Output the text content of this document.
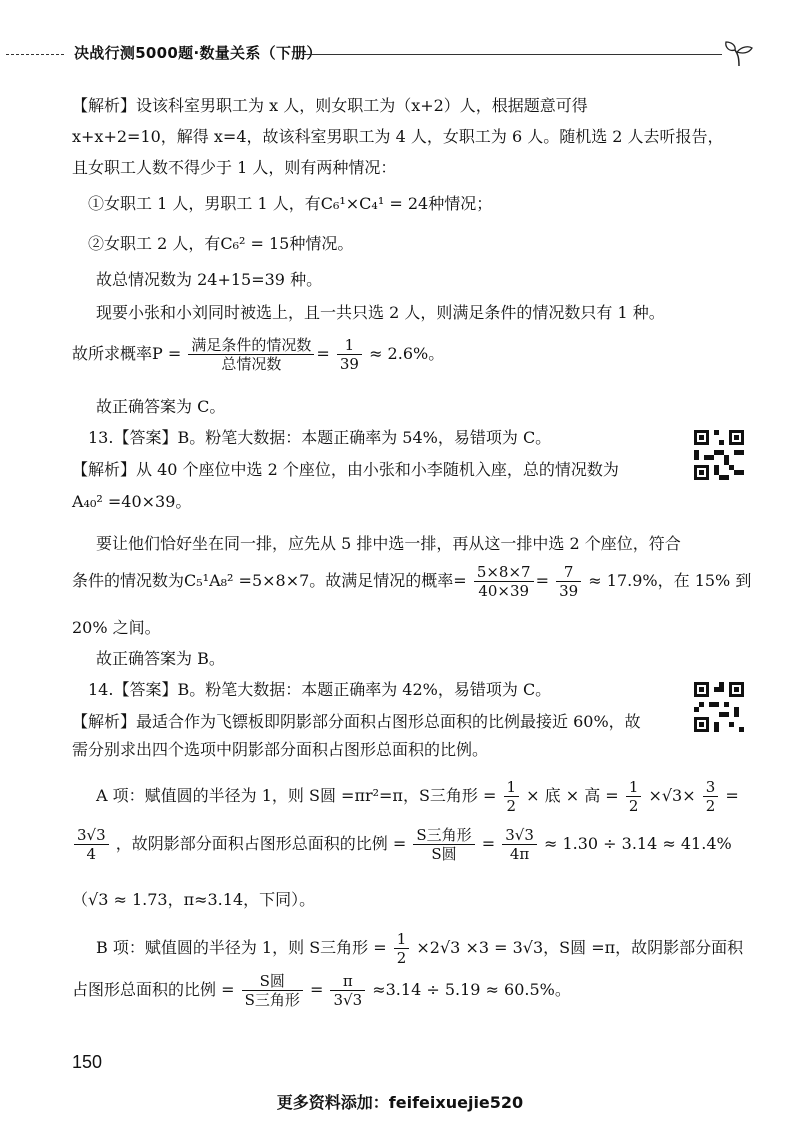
决战行测5000题·数量关系（下册）
【解析】设该科室男职工为 x 人，则女职工为（x+2）人，根据题意可得
x+x+2=10，解得 x=4，故该科室男职工为 4 人，女职工为 6 人。随机选 2 人去听报告，
且女职工人数不得少于 1 人，则有两种情况：
①女职工 1 人，男职工 1 人，有C₆¹×C₄¹ = 24种情况；
②女职工 2 人，有C₆² = 15种情况。
故总情况数为 24+15=39 种。
现要小张和小刘同时被选上，且一共只选 2 人，则满足条件的情况数只有 1 种。
故所求概率$P = \frac{\text{满足条件的情况数}}{\text{总情况数}} = \frac{1}{39} \approx 2.6\%$。
故正确答案为 C。
13.【答案】B。粉笔大数据：本题正确率为 54%，易错项为 C。
【解析】从 40 个座位中选 2 个座位，由小张和小李随机入座，总的情况数为
A₄₀² =40×39。
要让他们恰好坐在同一排，应先从 5 排中选一排，再从这一排中选 2 个座位，符合
条件的情况数为C₅¹A₈² =5×8×7。故满足情况的概率= $\frac{5\times 8\times 7}{40\times 39} = \frac{7}{39} \approx 17.9\%$，在 15% 到
20% 之间。
故正确答案为 B。
14.【答案】B。粉笔大数据：本题正确率为 42%，易错项为 C。
【解析】最适合作为飞镖板即阴影部分面积占图形总面积的比例最接近 60%，故
需分别求出四个选项中阴影部分面积占图形总面积的比例。
A 项：赋值圆的半径为 1，则 S圆 =πr²=π，S三角形 = $\frac{1}{2}$ × 底 × 高 = $\frac{1}{2} \times√3\times \frac{3}{2}$ =
$\frac{3√3}{4}$ ，故阴影部分面积占图形总面积的比例 = $\frac{\text{S三角形}}{\text{S圆}} = \frac{3√3}{4\pi} \approx 1.30 \div 3.14 \approx 41.4\%$
（√3 ≈ 1.73，π≈3.14，下同）。
B 项：赋值圆的半径为 1，则 S三角形 = $\frac{1}{2} \times 2√3 \times 3 = 3√3$，S圆 =π，故阴影部分面积
占图形总面积的比例 = $\frac{\text{S圆}}{\text{S三角形}} = \frac{\pi}{3√3} \approx 3.14 \div 5.19 \approx 60.5\%$。
150
更多资料添加：feifeixuejie520
